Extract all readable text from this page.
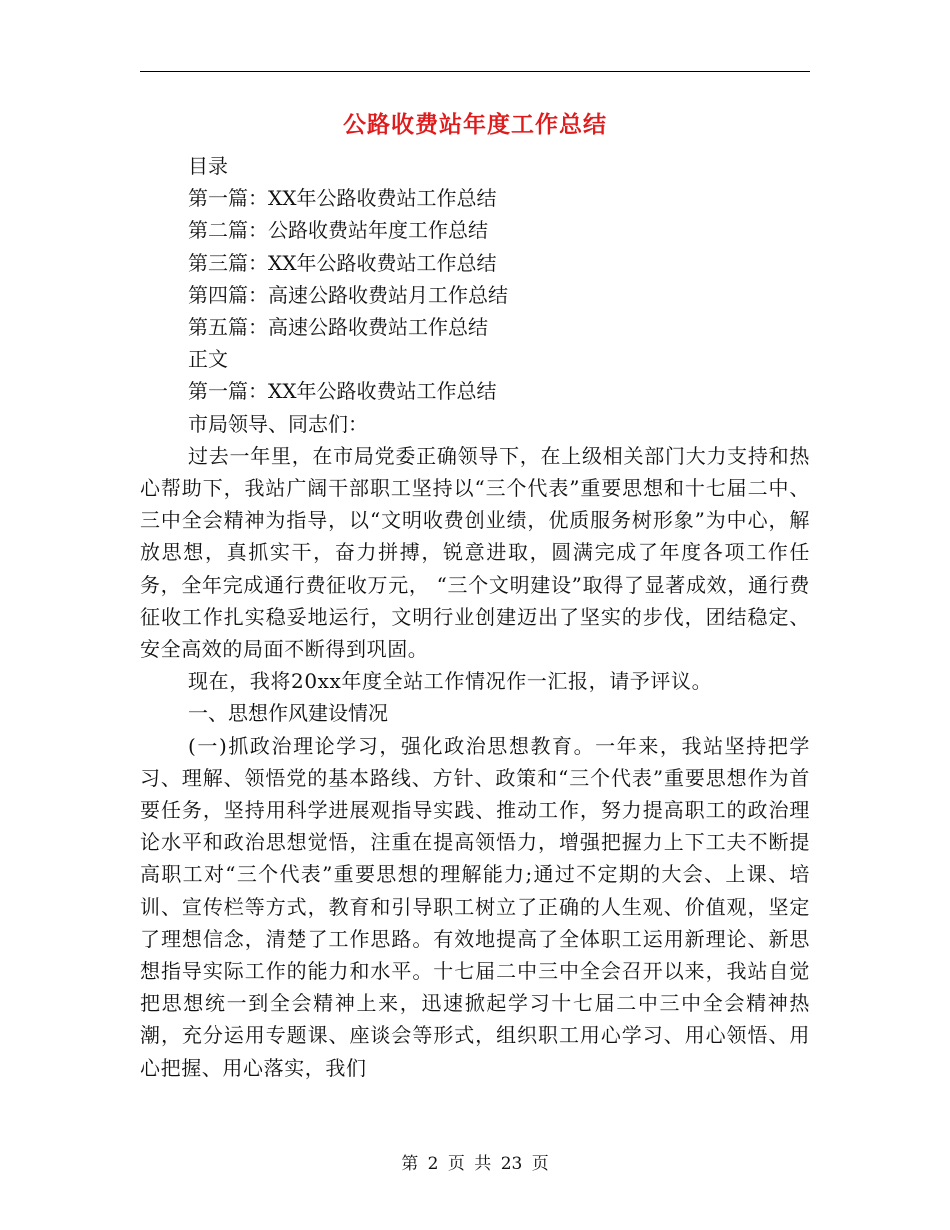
公路收费站年度工作总结

目录

第一篇：XX年公路收费站工作总结

第二篇：公路收费站年度工作总结

第三篇：XX年公路收费站工作总结

第四篇：高速公路收费站月工作总结

第五篇：高速公路收费站工作总结

正文

第一篇：XX年公路收费站工作总结

市局领导、同志们：

过去一年里，在市局党委正确领导下，在上级相关部门大力支持和热心帮助下，我站广阔干部职工坚持以“三个代表”重要思想和十七届二中、三中全会精神为指导，以“文明收费创业绩，优质服务树形象”为中心，解放思想，真抓实干，奋力拼搏，锐意进取，圆满完成了年度各项工作任务，全年完成通行费征收万元， “三个文明建设”取得了显著成效，通行费征收工作扎实稳妥地运行，文明行业创建迈出了坚实的步伐，团结稳定、安全高效的局面不断得到巩固。

现在，我将20xx年度全站工作情况作一汇报，请予评议。

一、思想作风建设情况

(一)抓政治理论学习，强化政治思想教育。一年来，我站坚持把学习、理解、领悟党的基本路线、方针、政策和“三个代表”重要思想作为首要任务，坚持用科学进展观指导实践、推动工作，努力提高职工的政治理论水平和政治思想觉悟，注重在提高领悟力，增强把握力上下工夫不断提高职工对“三个代表”重要思想的理解能力;通过不定期的大会、上课、培训、宣传栏等方式，教育和引导职工树立了正确的人生观、价值观，坚定了理想信念，清楚了工作思路。有效地提高了全体职工运用新理论、新思想指导实际工作的能力和水平。十七届二中三中全会召开以来，我站自觉把思想统一到全会精神上来，迅速掀起学习十七届二中三中全会精神热潮，充分运用专题课、座谈会等形式，组织职工用心学习、用心领悟、用心把握、用心落实，我们

第 2 页 共 23 页
